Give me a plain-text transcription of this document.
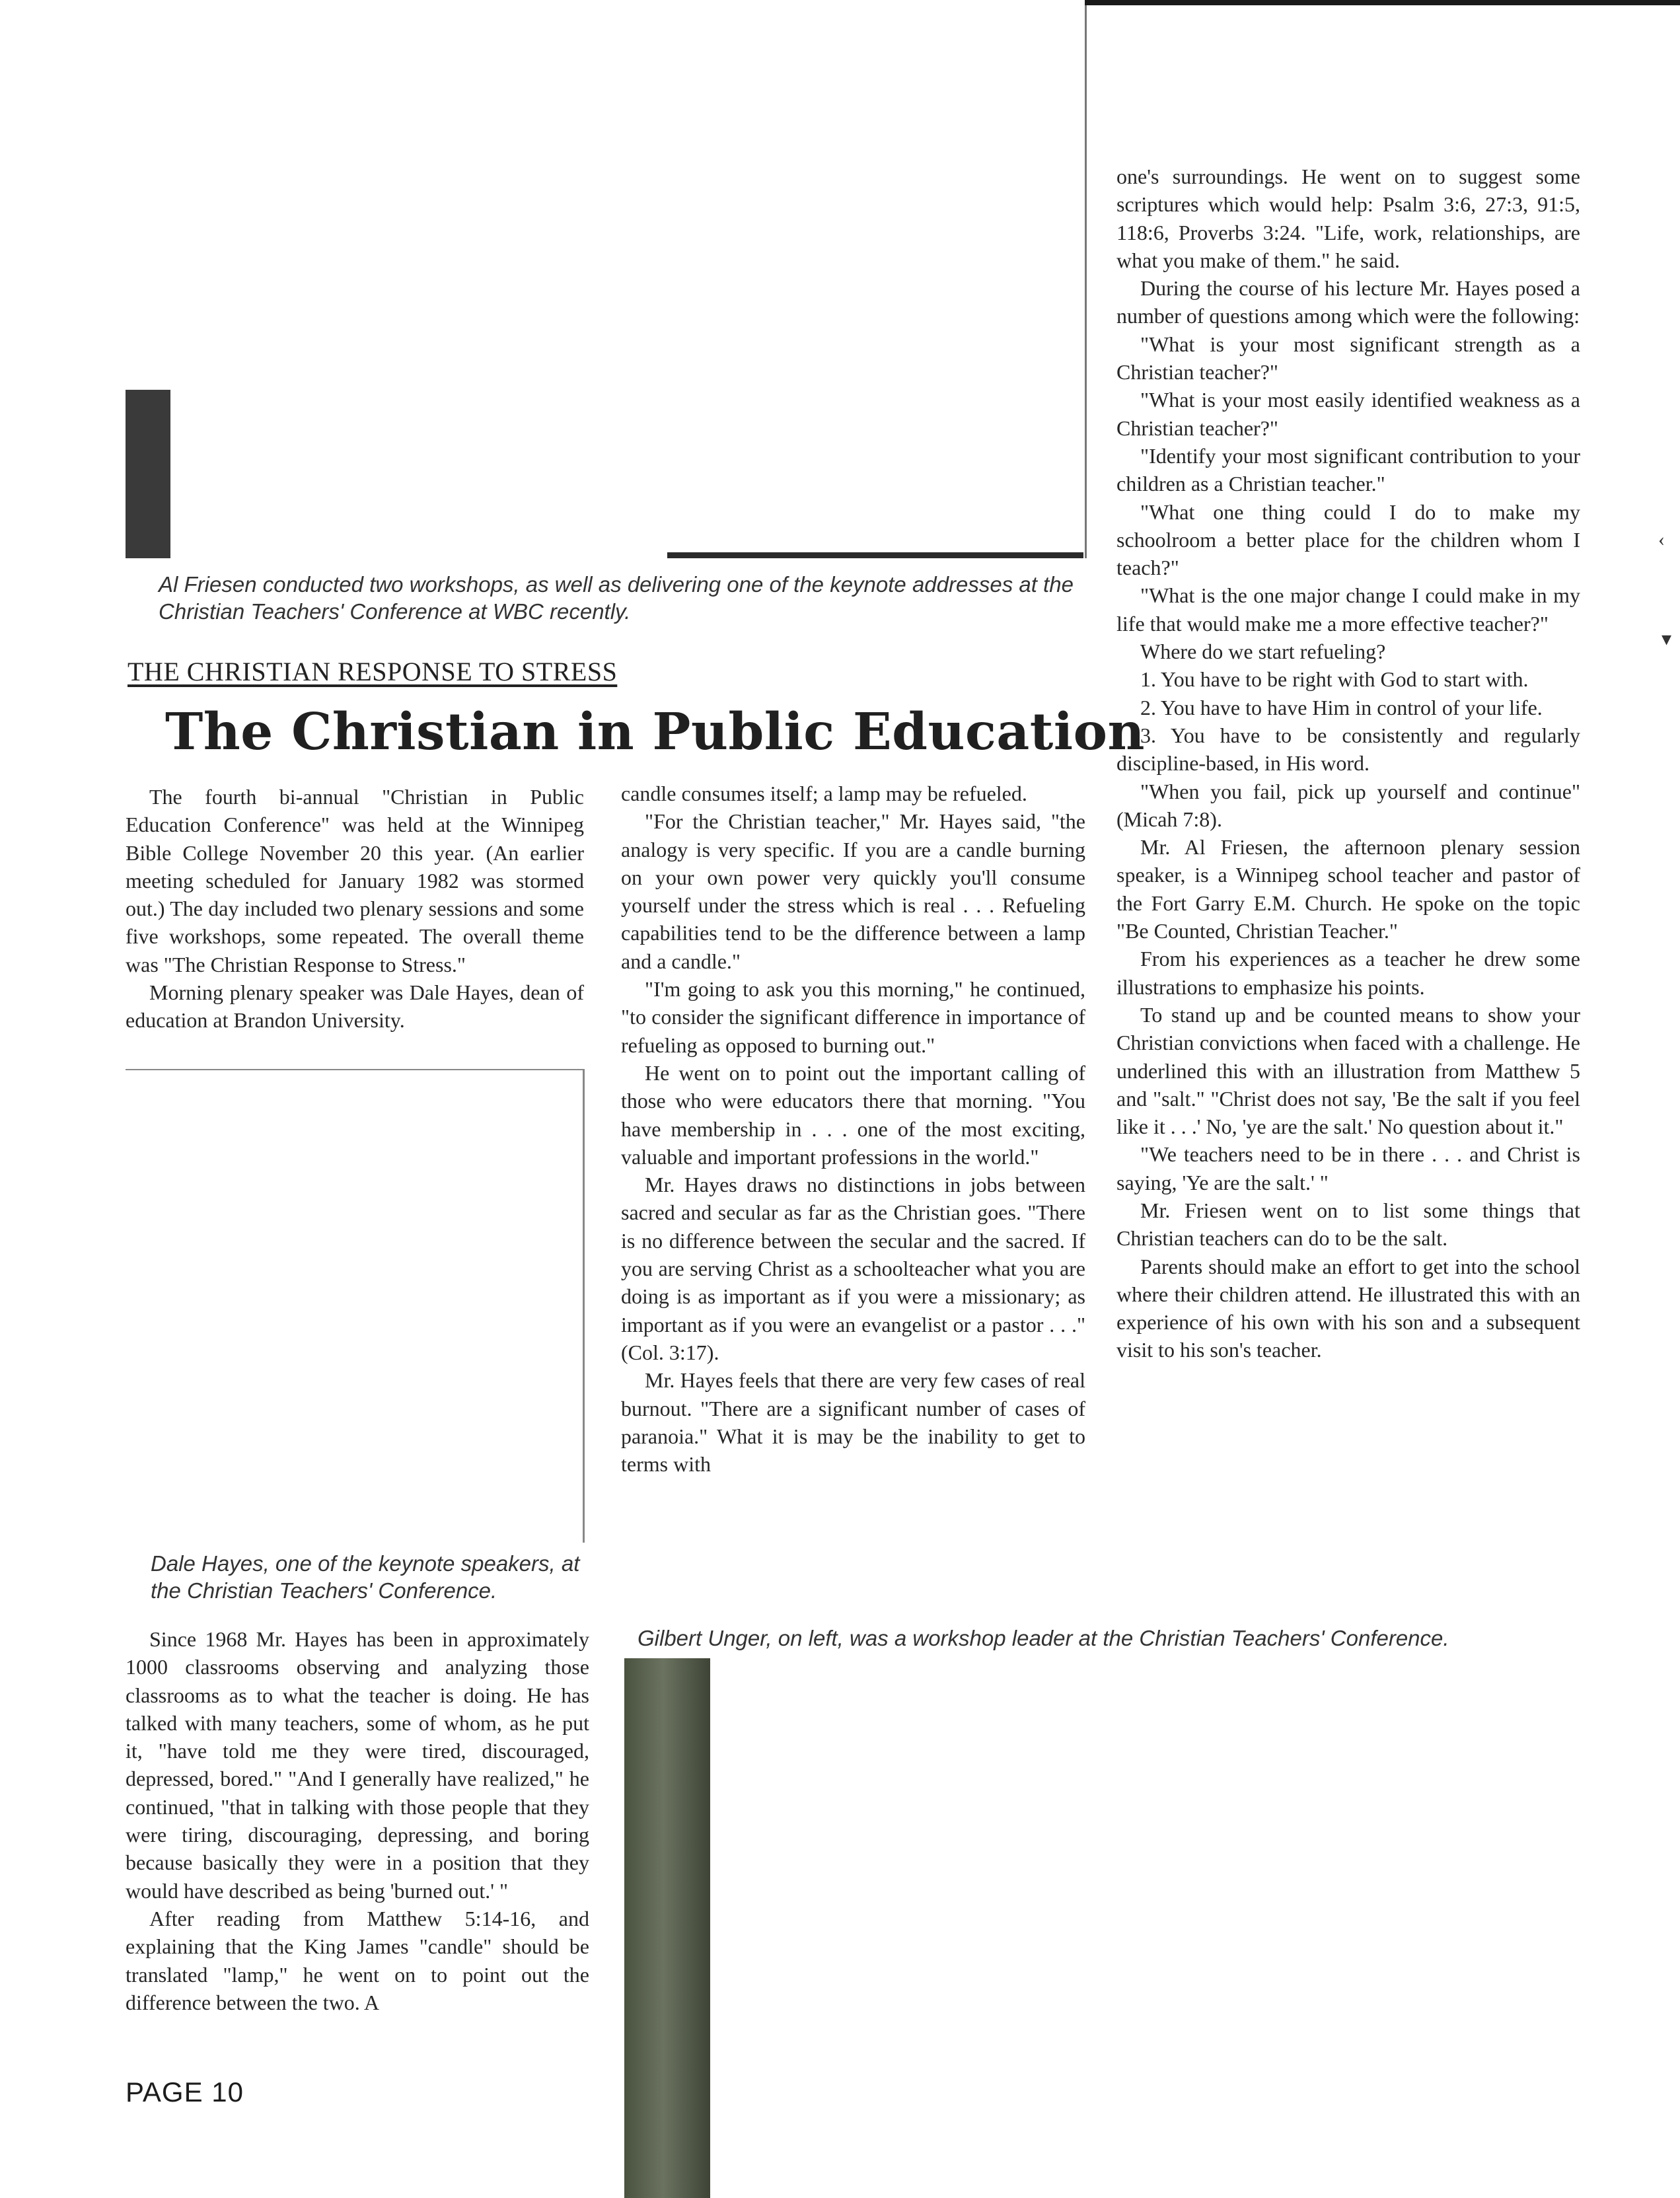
Al Friesen conducted two workshops, as well as delivering one of the keynote addresses at the Christian Teachers' Conference at WBC recently.
THE CHRISTIAN RESPONSE TO STRESS
The Christian in Public Education

The fourth bi-annual "Christian in Public Education Conference" was held at the Winnipeg Bible College November 20 this year. (An earlier meeting scheduled for January 1982 was stormed out.) The day included two plenary sessions and some five workshops, some repeated. The overall theme was "The Christian Response to Stress."

Morning plenary speaker was Dale Hayes, dean of education at Brandon University.

Dale Hayes, one of the keynote speakers, at the Christian Teachers' Conference.

Since 1968 Mr. Hayes has been in approximately 1000 classrooms observing and analyzing those classrooms as to what the teacher is doing. He has talked with many teachers, some of whom, as he put it, "have told me they were tired, discouraged, depressed, bored." "And I generally have realized," he continued, "that in talking with those people that they were tiring, discouraging, depressing, and boring because basically they were in a position that they would have described as being 'burned out.' "

After reading from Matthew 5:14-16, and explaining that the King James "candle" should be translated "lamp," he went on to point out the difference between the two. A

candle consumes itself; a lamp may be refueled.

"For the Christian teacher," Mr. Hayes said, "the analogy is very specific. If you are a candle burning on your own power very quickly you'll consume yourself under the stress which is real . . . Refueling capabilities tend to be the difference between a lamp and a candle."

"I'm going to ask you this morning," he continued, "to consider the significant difference in importance of refueling as opposed to burning out."

He went on to point out the important calling of those who were educators there that morning. "You have membership in . . . one of the most exciting, valuable and important professions in the world."

Mr. Hayes draws no distinctions in jobs between sacred and secular as far as the Christian goes. "There is no difference between the secular and the sacred. If you are serving Christ as a schoolteacher what you are doing is as important as if you were a missionary; as important as if you were an evangelist or a pastor . . ." (Col. 3:17).

Mr. Hayes feels that there are very few cases of real burnout. "There are a significant number of cases of paranoia." What it is may be the inability to get to terms with

one's surroundings. He went on to suggest some scriptures which would help: Psalm 3:6, 27:3, 91:5, 118:6, Proverbs 3:24. "Life, work, relationships, are what you make of them." he said.

During the course of his lecture Mr. Hayes posed a number of questions among which were the following:

"What is your most significant strength as a Christian teacher?"

"What is your most easily identified weakness as a Christian teacher?"

"Identify your most significant contribution to your children as a Christian teacher."

"What one thing could I do to make my schoolroom a better place for the children whom I teach?"

"What is the one major change I could make in my life that would make me a more effective teacher?"

Where do we start refueling?

1. You have to be right with God to start with.

2. You have to have Him in control of your life.

3. You have to be consistently and regularly discipline-based, in His word.

"When you fail, pick up yourself and continue" (Micah 7:8).

Mr. Al Friesen, the afternoon plenary session speaker, is a Winnipeg school teacher and pastor of the Fort Garry E.M. Church. He spoke on the topic "Be Counted, Christian Teacher."

From his experiences as a teacher he drew some illustrations to emphasize his points.

To stand up and be counted means to show your Christian convictions when faced with a challenge. He underlined this with an illustration from Matthew 5 and "salt." "Christ does not say, 'Be the salt if you feel like it . . .' No, 'ye are the salt.' No question about it."

"We teachers need to be in there . . . and Christ is saying, 'Ye are the salt.' "

Mr. Friesen went on to list some things that Christian teachers can do to be the salt.

Parents should make an effort to get into the school where their children attend. He illustrated this with an experience of his own with his son and a subsequent visit to his son's teacher.

Gilbert Unger, on left, was a workshop leader at the Christian Teachers' Conference.
PAGE 10
‹
▾
